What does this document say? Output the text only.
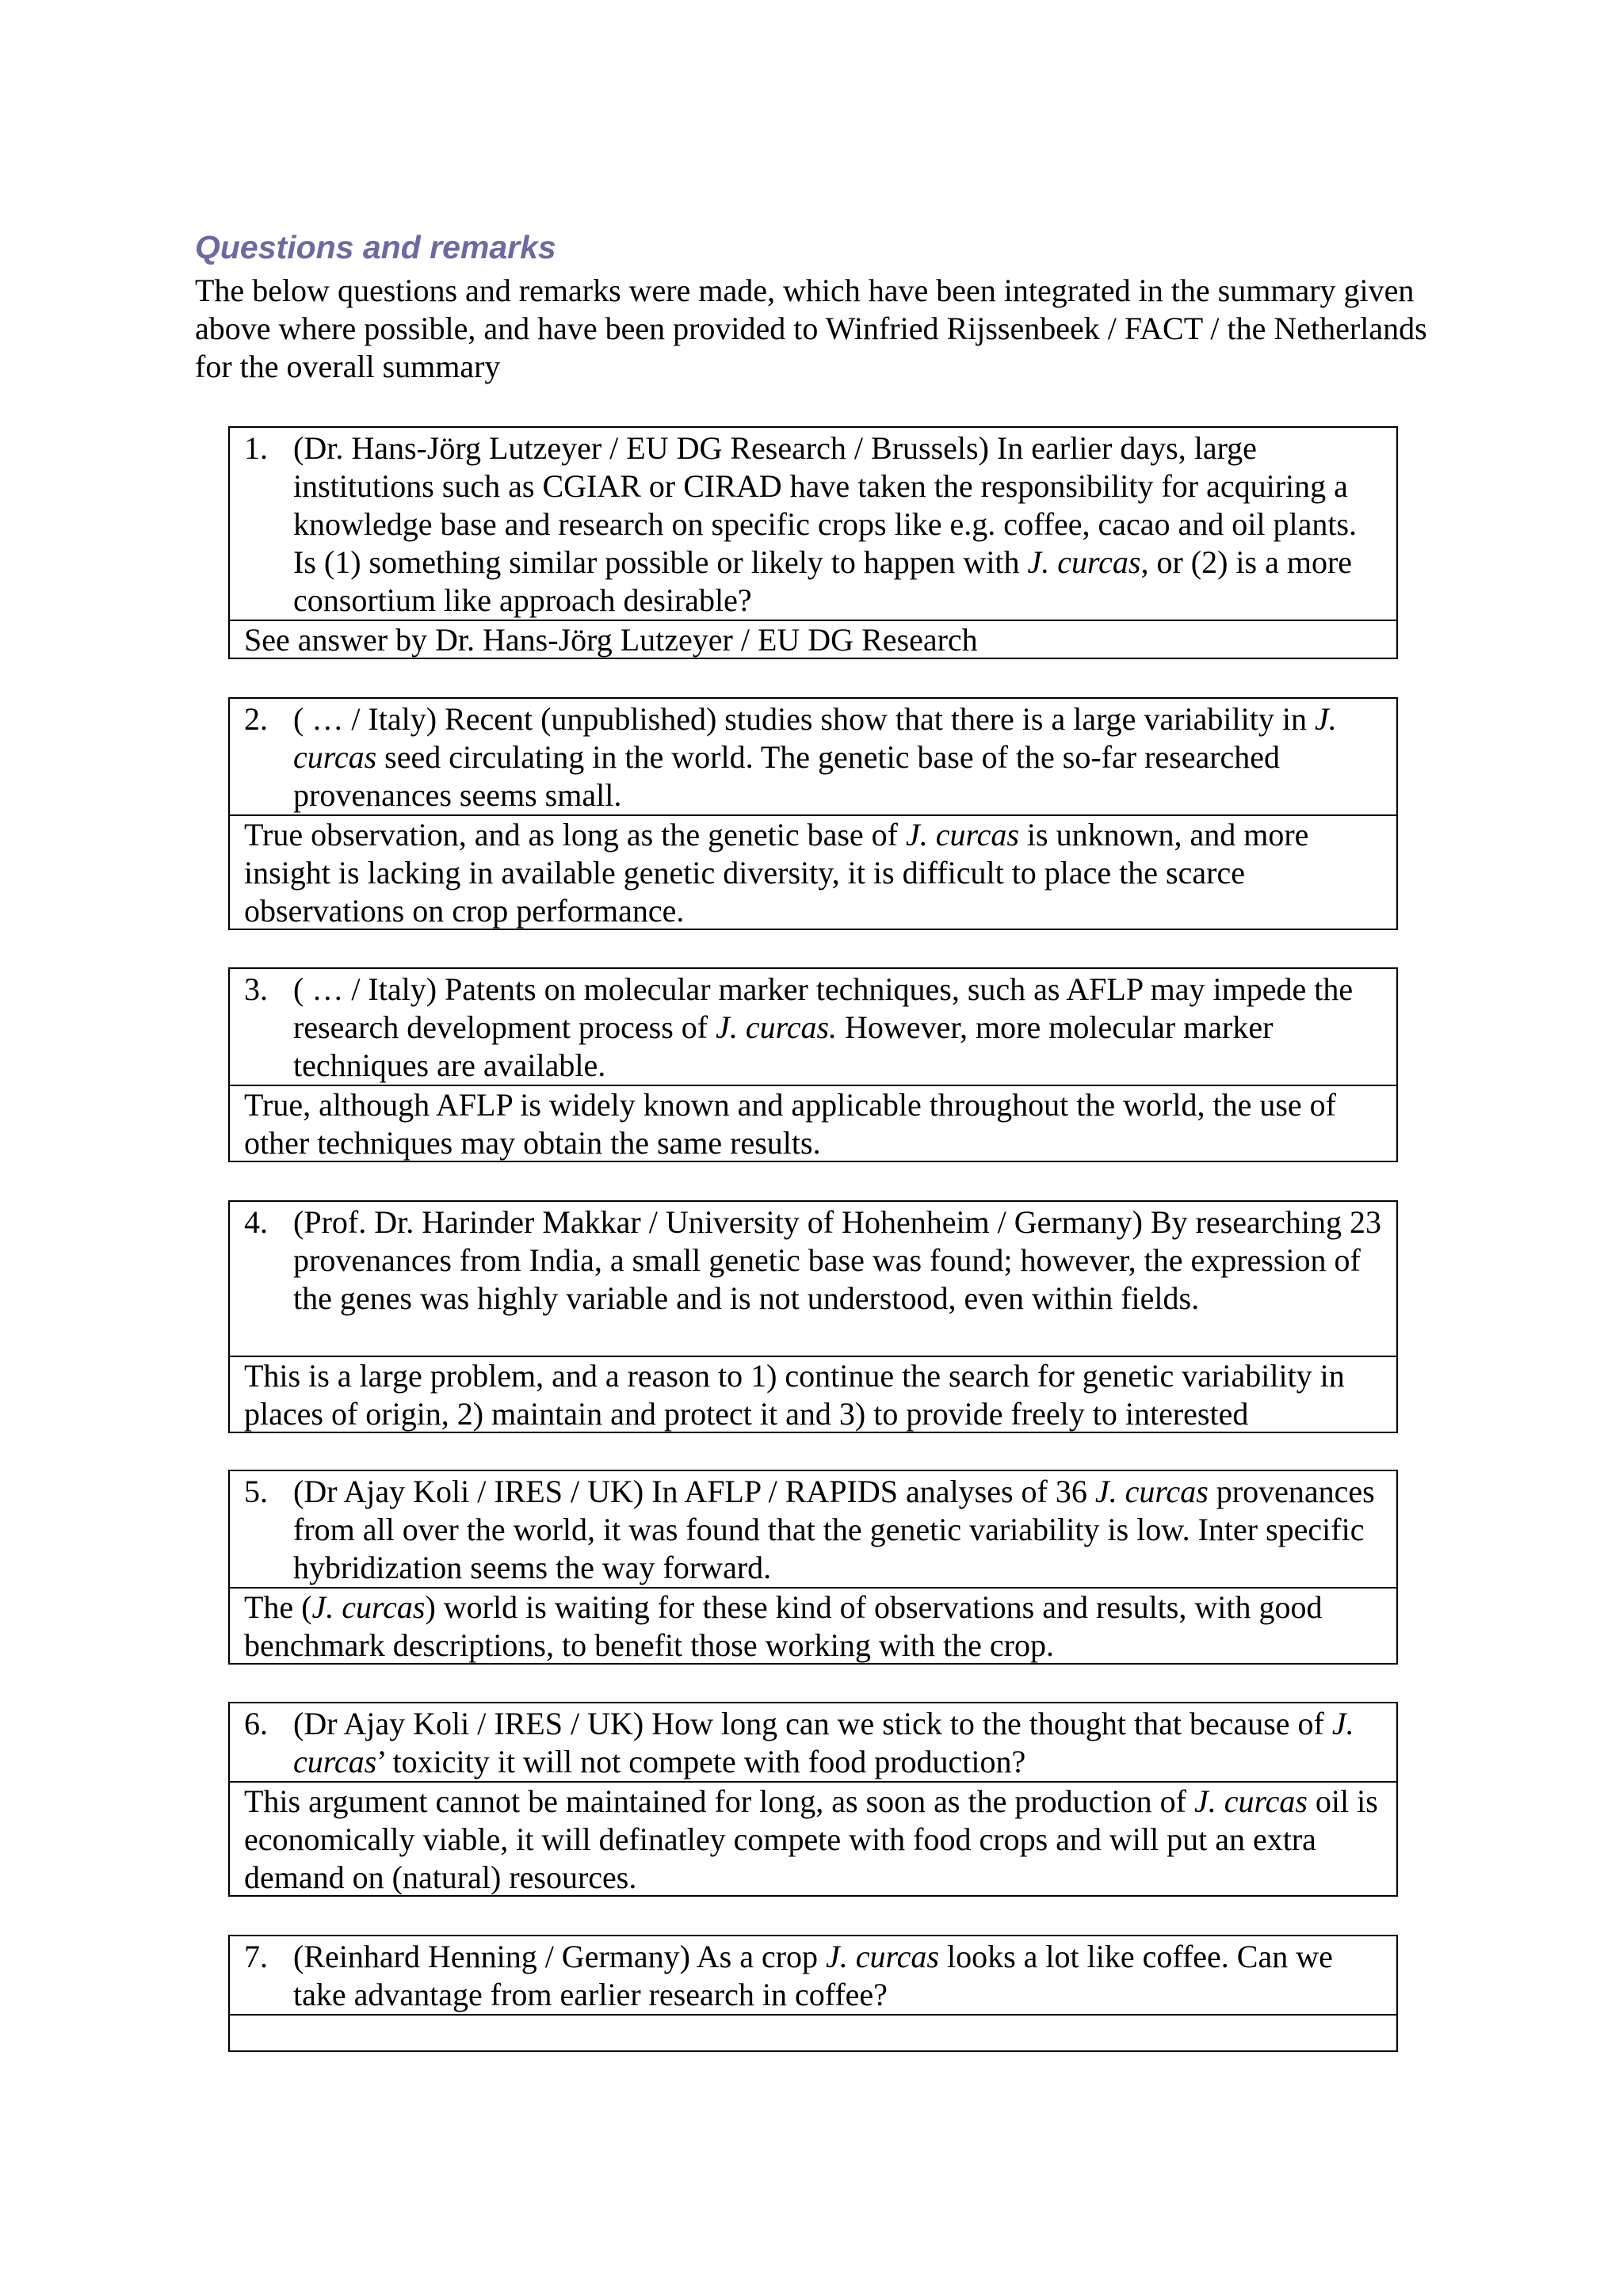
Questions and remarks

The below questions and remarks were made, which have been integrated in the summary given above where possible, and have been provided to Winfried Rijssenbeek / FACT / the Netherlands for the overall summary

1. (Dr. Hans-Jörg Lutzeyer / EU DG Research / Brussels) In earlier days, large institutions such as CGIAR or CIRAD have taken the responsibility for acquiring a knowledge base and research on specific crops like e.g. coffee, cacao and oil plants. Is (1) something similar possible or likely to happen with J. curcas, or (2) is a more consortium like approach desirable?
See answer by Dr. Hans-Jörg Lutzeyer / EU DG Research
2. ( … / Italy) Recent (unpublished) studies show that there is a large variability in J. curcas seed circulating in the world. The genetic base of the so-far researched provenances seems small.
True observation, and as long as the genetic base of J. curcas is unknown, and more insight is lacking in available genetic diversity, it is difficult to place the scarce observations on crop performance.
3. ( … / Italy) Patents on molecular marker techniques, such as AFLP may impede the research development process of J. curcas. However, more molecular marker techniques are available.
True, although AFLP is widely known and applicable throughout the world, the use of other techniques may obtain the same results.
4. (Prof. Dr. Harinder Makkar / University of Hohenheim / Germany) By researching 23 provenances from India, a small genetic base was found; however, the expression of the genes was highly variable and is not understood, even within fields.
This is a large problem, and a reason to 1) continue the search for genetic variability in places of origin, 2) maintain and protect it and 3) to provide freely to interested
5. (Dr Ajay Koli / IRES / UK) In AFLP / RAPIDS analyses of 36 J. curcas provenances from all over the world, it was found that the genetic variability is low. Inter specific hybridization seems the way forward.
The (J. curcas) world is waiting for these kind of observations and results, with good benchmark descriptions, to benefit those working with the crop.
6. (Dr Ajay Koli / IRES / UK) How long can we stick to the thought that because of J. curcas’ toxicity it will not compete with food production?
This argument cannot be maintained for long, as soon as the production of J. curcas oil is economically viable, it will definatley compete with food crops and will put an extra demand on (natural) resources.
7. (Reinhard Henning / Germany) As a crop J. curcas looks a lot like coffee. Can we take advantage from earlier research in coffee?
